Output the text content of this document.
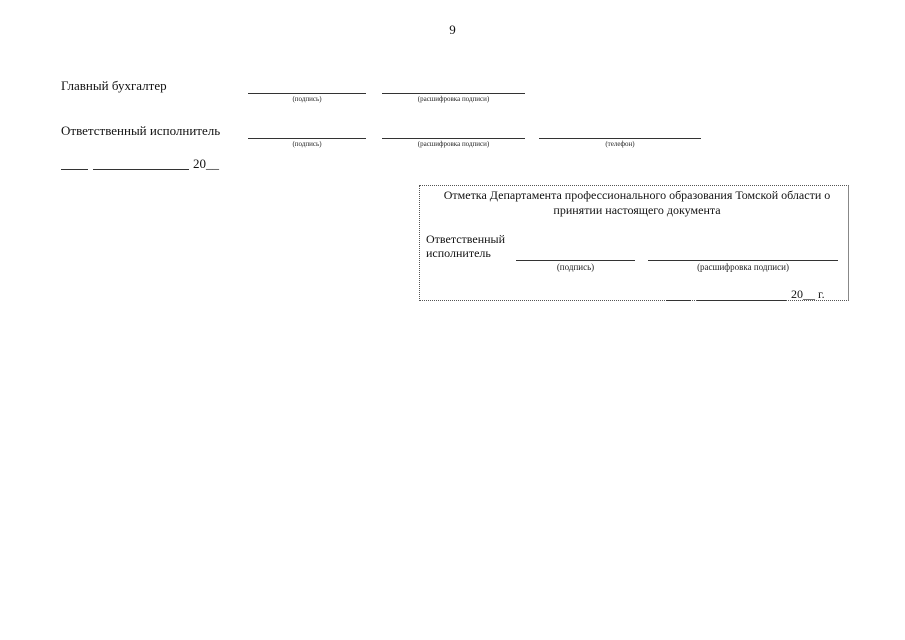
9
Главный бухгалтер
(подпись)	(расшифровка подписи)
Ответственный исполнитель
(подпись)	(расшифровка подписи)	(телефон)
20__
Отметка Департамента профессионального образования Томской области о принятии настоящего документа
Ответственный
исполнитель
(подпись)	(расшифровка подписи)
20__ г.
